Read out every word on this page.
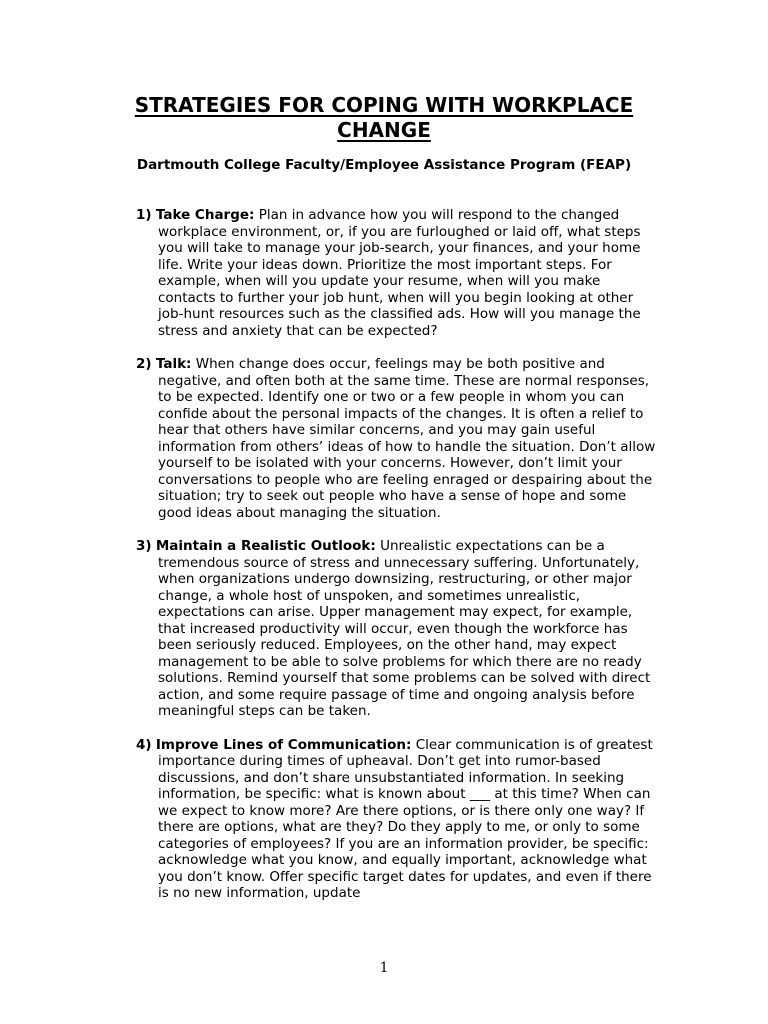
STRATEGIES FOR COPING WITH WORKPLACE CHANGE
Dartmouth College Faculty/Employee Assistance Program (FEAP)
1) Take Charge: Plan in advance how you will respond to the changed workplace environment, or, if you are furloughed or laid off, what steps you will take to manage your job-search, your finances, and your home life. Write your ideas down. Prioritize the most important steps. For example, when will you update your resume, when will you make contacts to further your job hunt, when will you begin looking at other job-hunt resources such as the classified ads. How will you manage the stress and anxiety that can be expected?
2) Talk: When change does occur, feelings may be both positive and negative, and often both at the same time. These are normal responses, to be expected. Identify one or two or a few people in whom you can confide about the personal impacts of the changes. It is often a relief to hear that others have similar concerns, and you may gain useful information from others’ ideas of how to handle the situation. Don’t allow yourself to be isolated with your concerns. However, don’t limit your conversations to people who are feeling enraged or despairing about the situation; try to seek out people who have a sense of hope and some good ideas about managing the situation.
3) Maintain a Realistic Outlook: Unrealistic expectations can be a tremendous source of stress and unnecessary suffering. Unfortunately, when organizations undergo downsizing, restructuring, or other major change, a whole host of unspoken, and sometimes unrealistic, expectations can arise. Upper management may expect, for example, that increased productivity will occur, even though the workforce has been seriously reduced. Employees, on the other hand, may expect management to be able to solve problems for which there are no ready solutions. Remind yourself that some problems can be solved with direct action, and some require passage of time and ongoing analysis before meaningful steps can be taken.
4) Improve Lines of Communication: Clear communication is of greatest importance during times of upheaval. Don’t get into rumor-based discussions, and don’t share unsubstantiated information. In seeking information, be specific: what is known about ___ at this time? When can we expect to know more? Are there options, or is there only one way? If there are options, what are they? Do they apply to me, or only to some categories of employees? If you are an information provider, be specific: acknowledge what you know, and equally important, acknowledge what you don’t know. Offer specific target dates for updates, and even if there is no new information, update
1
